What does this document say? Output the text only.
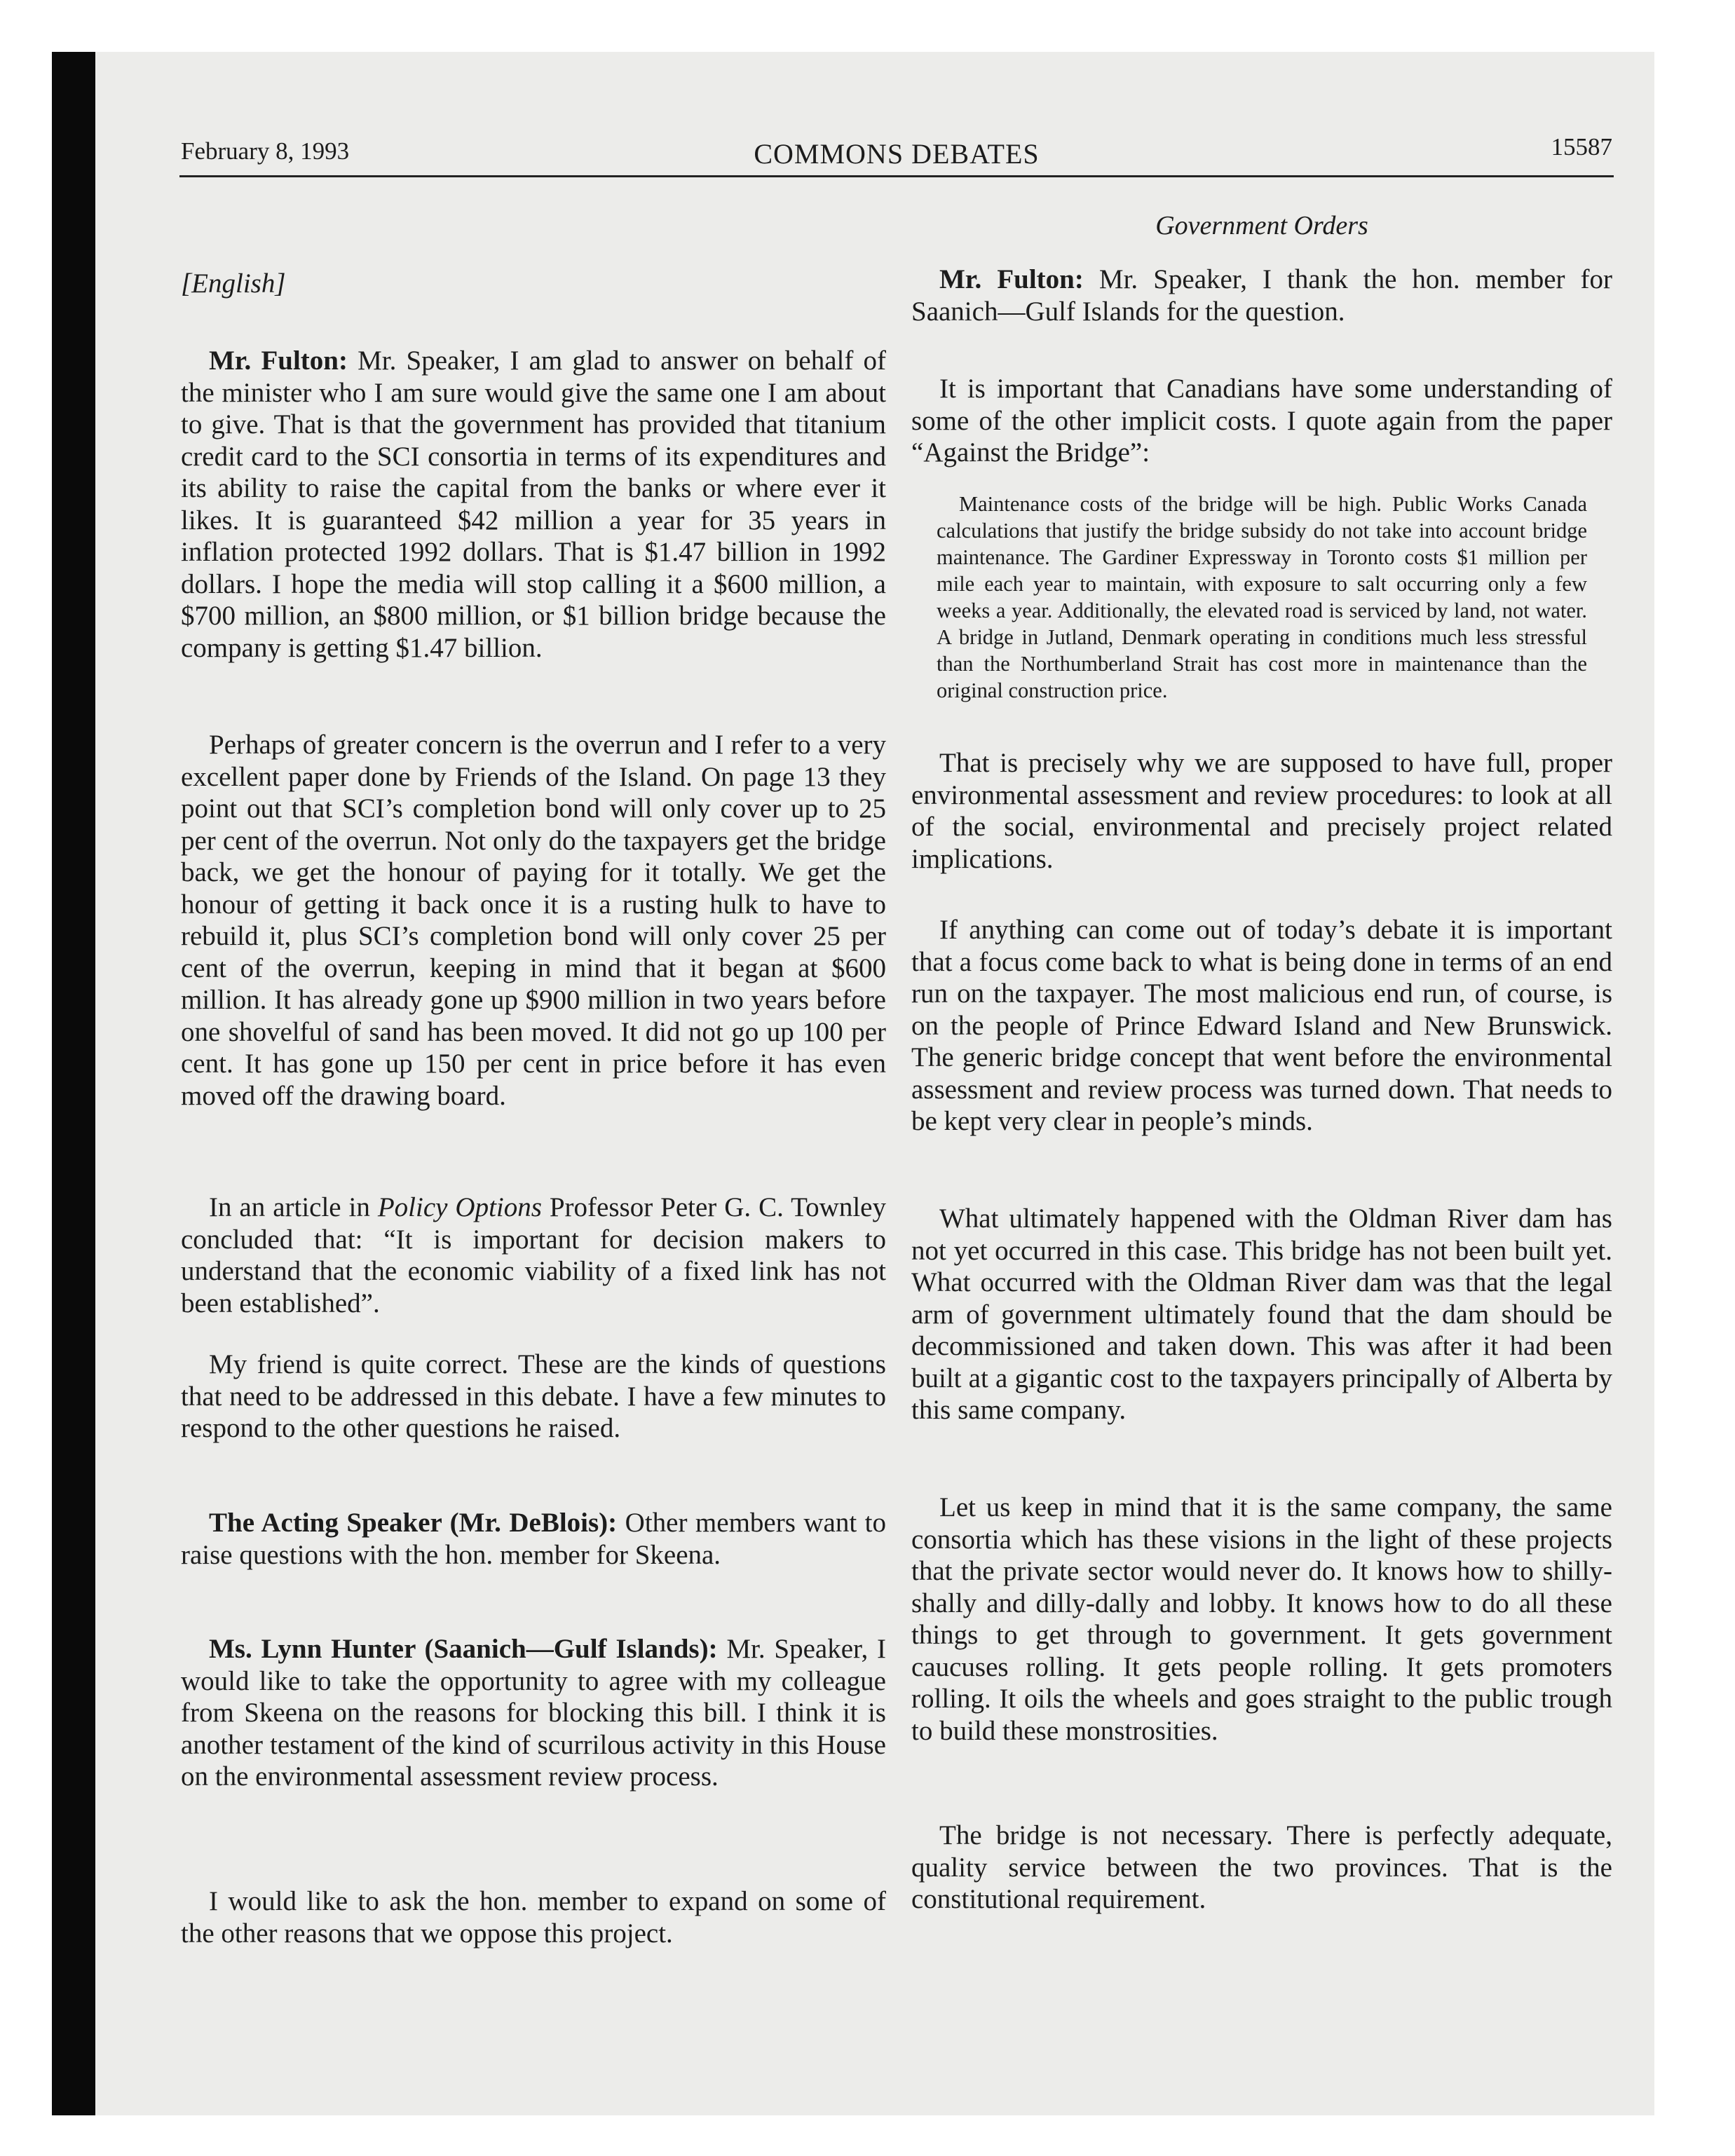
February 8, 1993	COMMONS DEBATES	15587
Government Orders

[English]

Mr. Fulton: Mr. Speaker, I am glad to answer on behalf of the minister who I am sure would give the same one I am about to give. That is that the government has provided that titanium credit card to the SCI consortia in terms of its expenditures and its ability to raise the capital from the banks or where ever it likes. It is guaranteed $42 million a year for 35 years in inflation protected 1992 dollars. That is $1.47 billion in 1992 dollars. I hope the media will stop calling it a $600 million, a $700 million, an $800 million, or $1 billion bridge because the company is getting $1.47 billion.

Perhaps of greater concern is the overrun and I refer to a very excellent paper done by Friends of the Island. On page 13 they point out that SCI’s completion bond will only cover up to 25 per cent of the overrun. Not only do the taxpayers get the bridge back, we get the honour of paying for it totally. We get the honour of getting it back once it is a rusting hulk to have to rebuild it, plus SCI’s completion bond will only cover 25 per cent of the overrun, keeping in mind that it began at $600 million. It has already gone up $900 million in two years before one shovelful of sand has been moved. It did not go up 100 per cent. It has gone up 150 per cent in price before it has even moved off the drawing board.

In an article in Policy Options Professor Peter G. C. Townley concluded that: “It is important for decision makers to understand that the economic viability of a fixed link has not been established”.

My friend is quite correct. These are the kinds of questions that need to be addressed in this debate. I have a few minutes to respond to the other questions he raised.

The Acting Speaker (Mr. DeBlois): Other members want to raise questions with the hon. member for Skeena.

Ms. Lynn Hunter (Saanich—Gulf Islands): Mr. Speaker, I would like to take the opportunity to agree with my colleague from Skeena on the reasons for blocking this bill. I think it is another testament of the kind of scurrilous activity in this House on the environmental assessment review process.

I would like to ask the hon. member to expand on some of the other reasons that we oppose this project.

Mr. Fulton: Mr. Speaker, I thank the hon. member for Saanich—Gulf Islands for the question.

It is important that Canadians have some understanding of some of the other implicit costs. I quote again from the paper “Against the Bridge”:

Maintenance costs of the bridge will be high. Public Works Canada calculations that justify the bridge subsidy do not take into account bridge maintenance. The Gardiner Expressway in Toronto costs $1 million per mile each year to maintain, with exposure to salt occurring only a few weeks a year. Additionally, the elevated road is serviced by land, not water. A bridge in Jutland, Denmark operating in conditions much less stressful than the Northumberland Strait has cost more in maintenance than the original construction price.

That is precisely why we are supposed to have full, proper environmental assessment and review procedures: to look at all of the social, environmental and precisely project related implications.

If anything can come out of today’s debate it is important that a focus come back to what is being done in terms of an end run on the taxpayer. The most malicious end run, of course, is on the people of Prince Edward Island and New Brunswick. The generic bridge concept that went before the environmental assessment and review process was turned down. That needs to be kept very clear in people’s minds.

What ultimately happened with the Oldman River dam has not yet occurred in this case. This bridge has not been built yet. What occurred with the Oldman River dam was that the legal arm of government ultimately found that the dam should be decommissioned and taken down. This was after it had been built at a gigantic cost to the taxpayers principally of Alberta by this same company.

Let us keep in mind that it is the same company, the same consortia which has these visions in the light of these projects that the private sector would never do. It knows how to shilly-shally and dilly-dally and lobby. It knows how to do all these things to get through to government. It gets government caucuses rolling. It gets people rolling. It gets promoters rolling. It oils the wheels and goes straight to the public trough to build these monstrosities.

The bridge is not necessary. There is perfectly adequate, quality service between the two provinces. That is the constitutional requirement.
